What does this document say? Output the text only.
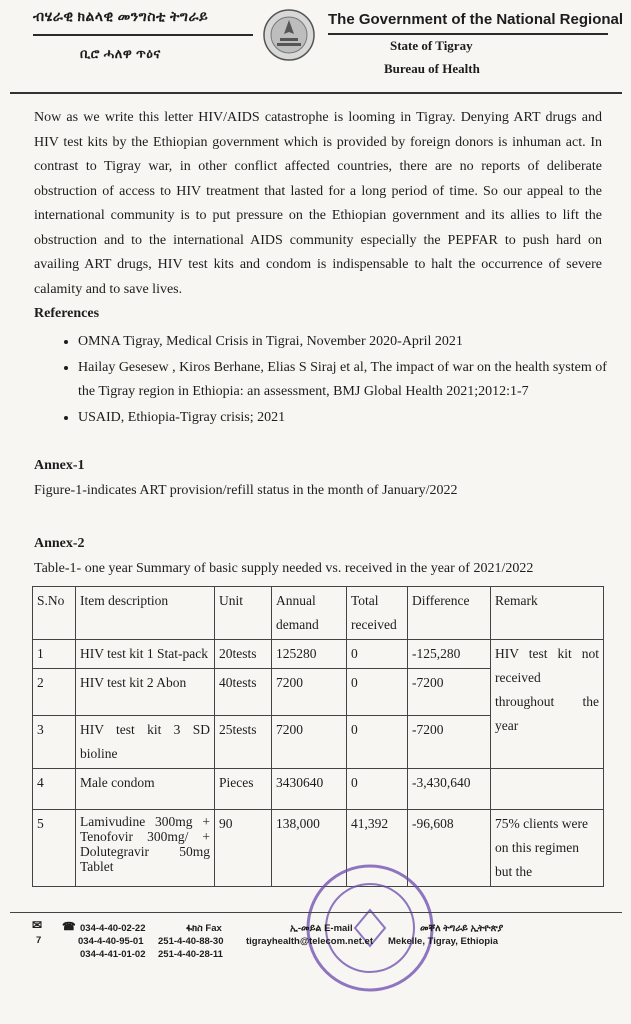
ብሄራዊ ክልላዊ መንግስቲ ትግራይ
ቢሮ ሓለዋ ጥዕና
The Government of the National Regional
State of Tigray
Bureau of Health
Now as we write this letter HIV/AIDS catastrophe is looming in Tigray. Denying ART drugs and HIV test kits by the Ethiopian government which is provided by foreign donors is inhuman act. In contrast to Tigray war, in other conflict affected countries, there are no reports of deliberate obstruction of access to HIV treatment that lasted for a long period of time. So our appeal to the international community is to put pressure on the Ethiopian government and its allies to lift the obstruction and to the international AIDS community especially the PEPFAR to push hard on availing ART drugs, HIV test kits and condom is indispensable to halt the occurrence of severe calamity and to save lives.
References
• OMNA Tigray, Medical Crisis in Tigrai, November 2020-April 2021
• Hailay Gesesew , Kiros Berhane, Elias S Siraj et al, The impact of war on the health system of the Tigray region in Ethiopia: an assessment, BMJ Global Health 2021;2012:1-7
• USAID, Ethiopia-Tigray crisis; 2021
Annex-1
Figure-1-indicates ART provision/refill status in the month of January/2022
Annex-2
Table-1- one year Summary of basic supply needed vs. received in the year of 2021/2022
S.No	Item description	Unit	Annual demand	Total received	Difference	Remark
1	HIV test kit 1 Stat-pack	20tests	125280	0	-125,280	HIV test kit not received throughout the year
2	HIV test kit 2 Abon	40tests	7200	0	-7200	
3	HIV test kit 3 SD bioline	25tests	7200	0	-7200	
4	Male condom	Pieces	3430640	0	-3,430,640	
5	Lamivudine 300mg + Tenofovir 300mg/ + Dolutegravir 50mg Tablet	90	138,000	41,392	-96,608	75% clients were on this regimen but the
✉
7
☎ 034-4-40-02-22
034-4-40-95-01
034-4-41-01-02
ፋክስ Fax
251-4-40-88-30
251-4-40-28-11
ኢ-መይል E-mail
tigrayhealth@telecom.net.et
መቐለ ትግራይ ኢትዮጵያ
Mekelle, Tigray, Ethiopia
